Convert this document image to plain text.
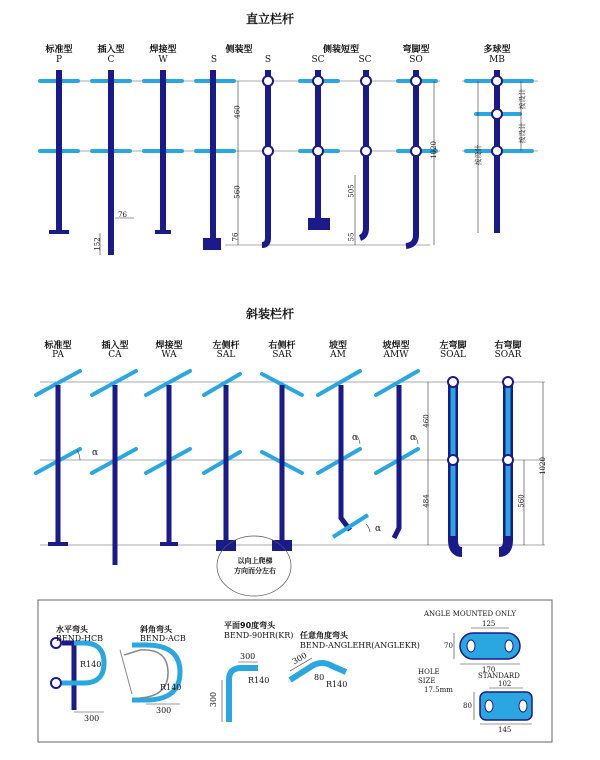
直立栏杆
斜装栏杆
标准型
P
插入型
C
焊接型
W
侧装型
S	S
侧装短型
SC	SC
弯脚型
SO
多球型
MB
标准型
PA
插入型
CA
焊接型
WA
左侧杆
SAL
右侧杆
SAR
坡型
AM
坡焊型
AMW
左弯脚
SOAL
右弯脚
SOAR
460
560
76
152
76
505
55
1020
按设计
按设计
按设计
α
α	α
α
460
484
1020
560
以向上爬梯
方向而分左右
水平弯头
BEND-HCB
R140
300
斜角弯头
BEND-ACB
R140
300
平面90度弯头
BEND-90HR(KR)
300
R140
300
任意角度弯头
BEND-ANGLEHR(ANGLEKR)
300
80
R140
ANGLE MOUNTED ONLY
125
70
170
HOLE
SIZE
17.5mm
STANDARD
102
80
145
